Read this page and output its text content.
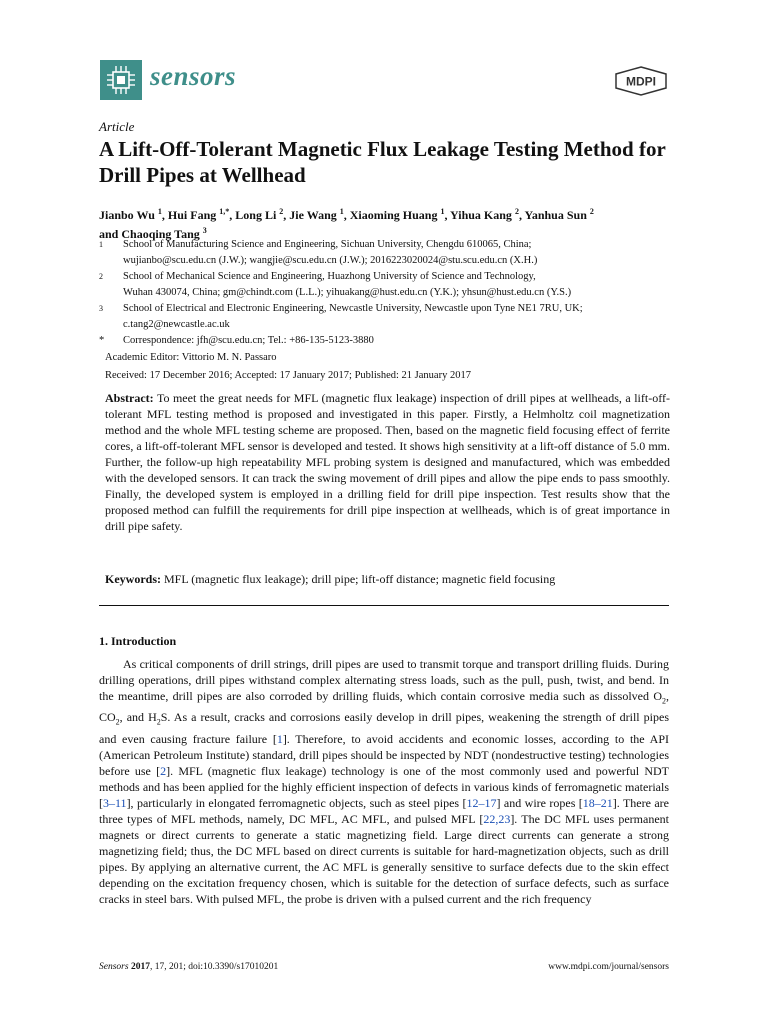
sensors	MDPI
Article
A Lift-Off-Tolerant Magnetic Flux Leakage Testing Method for Drill Pipes at Wellhead
Jianbo Wu $^1$, Hui Fang $^{1,*}$, Long Li $^2$, Jie Wang $^1$, Xiaoming Huang $^1$, Yihua Kang $^2$, Yanhua Sun $^2$
and Chaoqing Tang $^3$
1	School of Manufacturing Science and Engineering, Sichuan University, Chengdu 610065, China;
wujianbo@scu.edu.cn (J.W.); wangjie@scu.edu.cn (J.W.); 2016223020024@stu.scu.edu.cn (X.H.)
2	School of Mechanical Science and Engineering, Huazhong University of Science and Technology,
Wuhan 430074, China; gm@chindt.com (L.L.); yihuakang@hust.edu.cn (Y.K.); yhsun@hust.edu.cn (Y.S.)
3	School of Electrical and Electronic Engineering, Newcastle University, Newcastle upon Tyne NE1 7RU, UK;
c.tang2@newcastle.ac.uk
*	Correspondence: jfh@scu.edu.cn; Tel.: +86-135-5123-3880
Academic Editor: Vittorio M. N. Passaro
Received: 17 December 2016; Accepted: 17 January 2017; Published: 21 January 2017
Abstract: To meet the great needs for MFL (magnetic flux leakage) inspection of drill pipes at wellheads, a lift-off-tolerant MFL testing method is proposed and investigated in this paper. Firstly, a Helmholtz coil magnetization method and the whole MFL testing scheme are proposed. Then, based on the magnetic field focusing effect of ferrite cores, a lift-off-tolerant MFL sensor is developed and tested. It shows high sensitivity at a lift-off distance of 5.0 mm. Further, the follow-up high repeatability MFL probing system is designed and manufactured, which was embedded with the developed sensors. It can track the swing movement of drill pipes and allow the pipe ends to pass smoothly. Finally, the developed system is employed in a drilling field for drill pipe inspection. Test results show that the proposed method can fulfill the requirements for drill pipe inspection at wellheads, which is of great importance in drill pipe safety.
Keywords: MFL (magnetic flux leakage); drill pipe; lift-off distance; magnetic field focusing
1. Introduction
As critical components of drill strings, drill pipes are used to transmit torque and transport drilling fluids. During drilling operations, drill pipes withstand complex alternating stress loads, such as the pull, push, twist, and bend. In the meantime, drill pipes are also corroded by drilling fluids, which contain corrosive media such as dissolved $O_2$, $CO_2$, and $H_2S$. As a result, cracks and corrosions easily develop in drill pipes, weakening the strength of drill pipes and even causing fracture failure [1]. Therefore, to avoid accidents and economic losses, according to the API (American Petroleum Institute) standard, drill pipes should be inspected by NDT (nondestructive testing) technologies before use [2]. MFL (magnetic flux leakage) technology is one of the most commonly used and powerful NDT methods and has been applied for the highly efficient inspection of defects in various kinds of ferromagnetic materials [3–11], particularly in elongated ferromagnetic objects, such as steel pipes [12–17] and wire ropes [18–21]. There are three types of MFL methods, namely, DC MFL, AC MFL, and pulsed MFL [22,23]. The DC MFL uses permanent magnets or direct currents to generate a static magnetizing field. Large direct currents can generate a strong magnetizing field; thus, the DC MFL based on direct currents is suitable for hard-magnetization objects, such as drill pipes. By applying an alternative current, the AC MFL is generally sensitive to surface defects due to the skin effect depending on the excitation frequency chosen, which is suitable for the detection of surface defects, such as surface cracks in steel bars. With pulsed MFL, the probe is driven with a pulsed current and the rich frequency
Sensors 2017, 17, 201; doi:10.3390/s17010201	www.mdpi.com/journal/sensors
